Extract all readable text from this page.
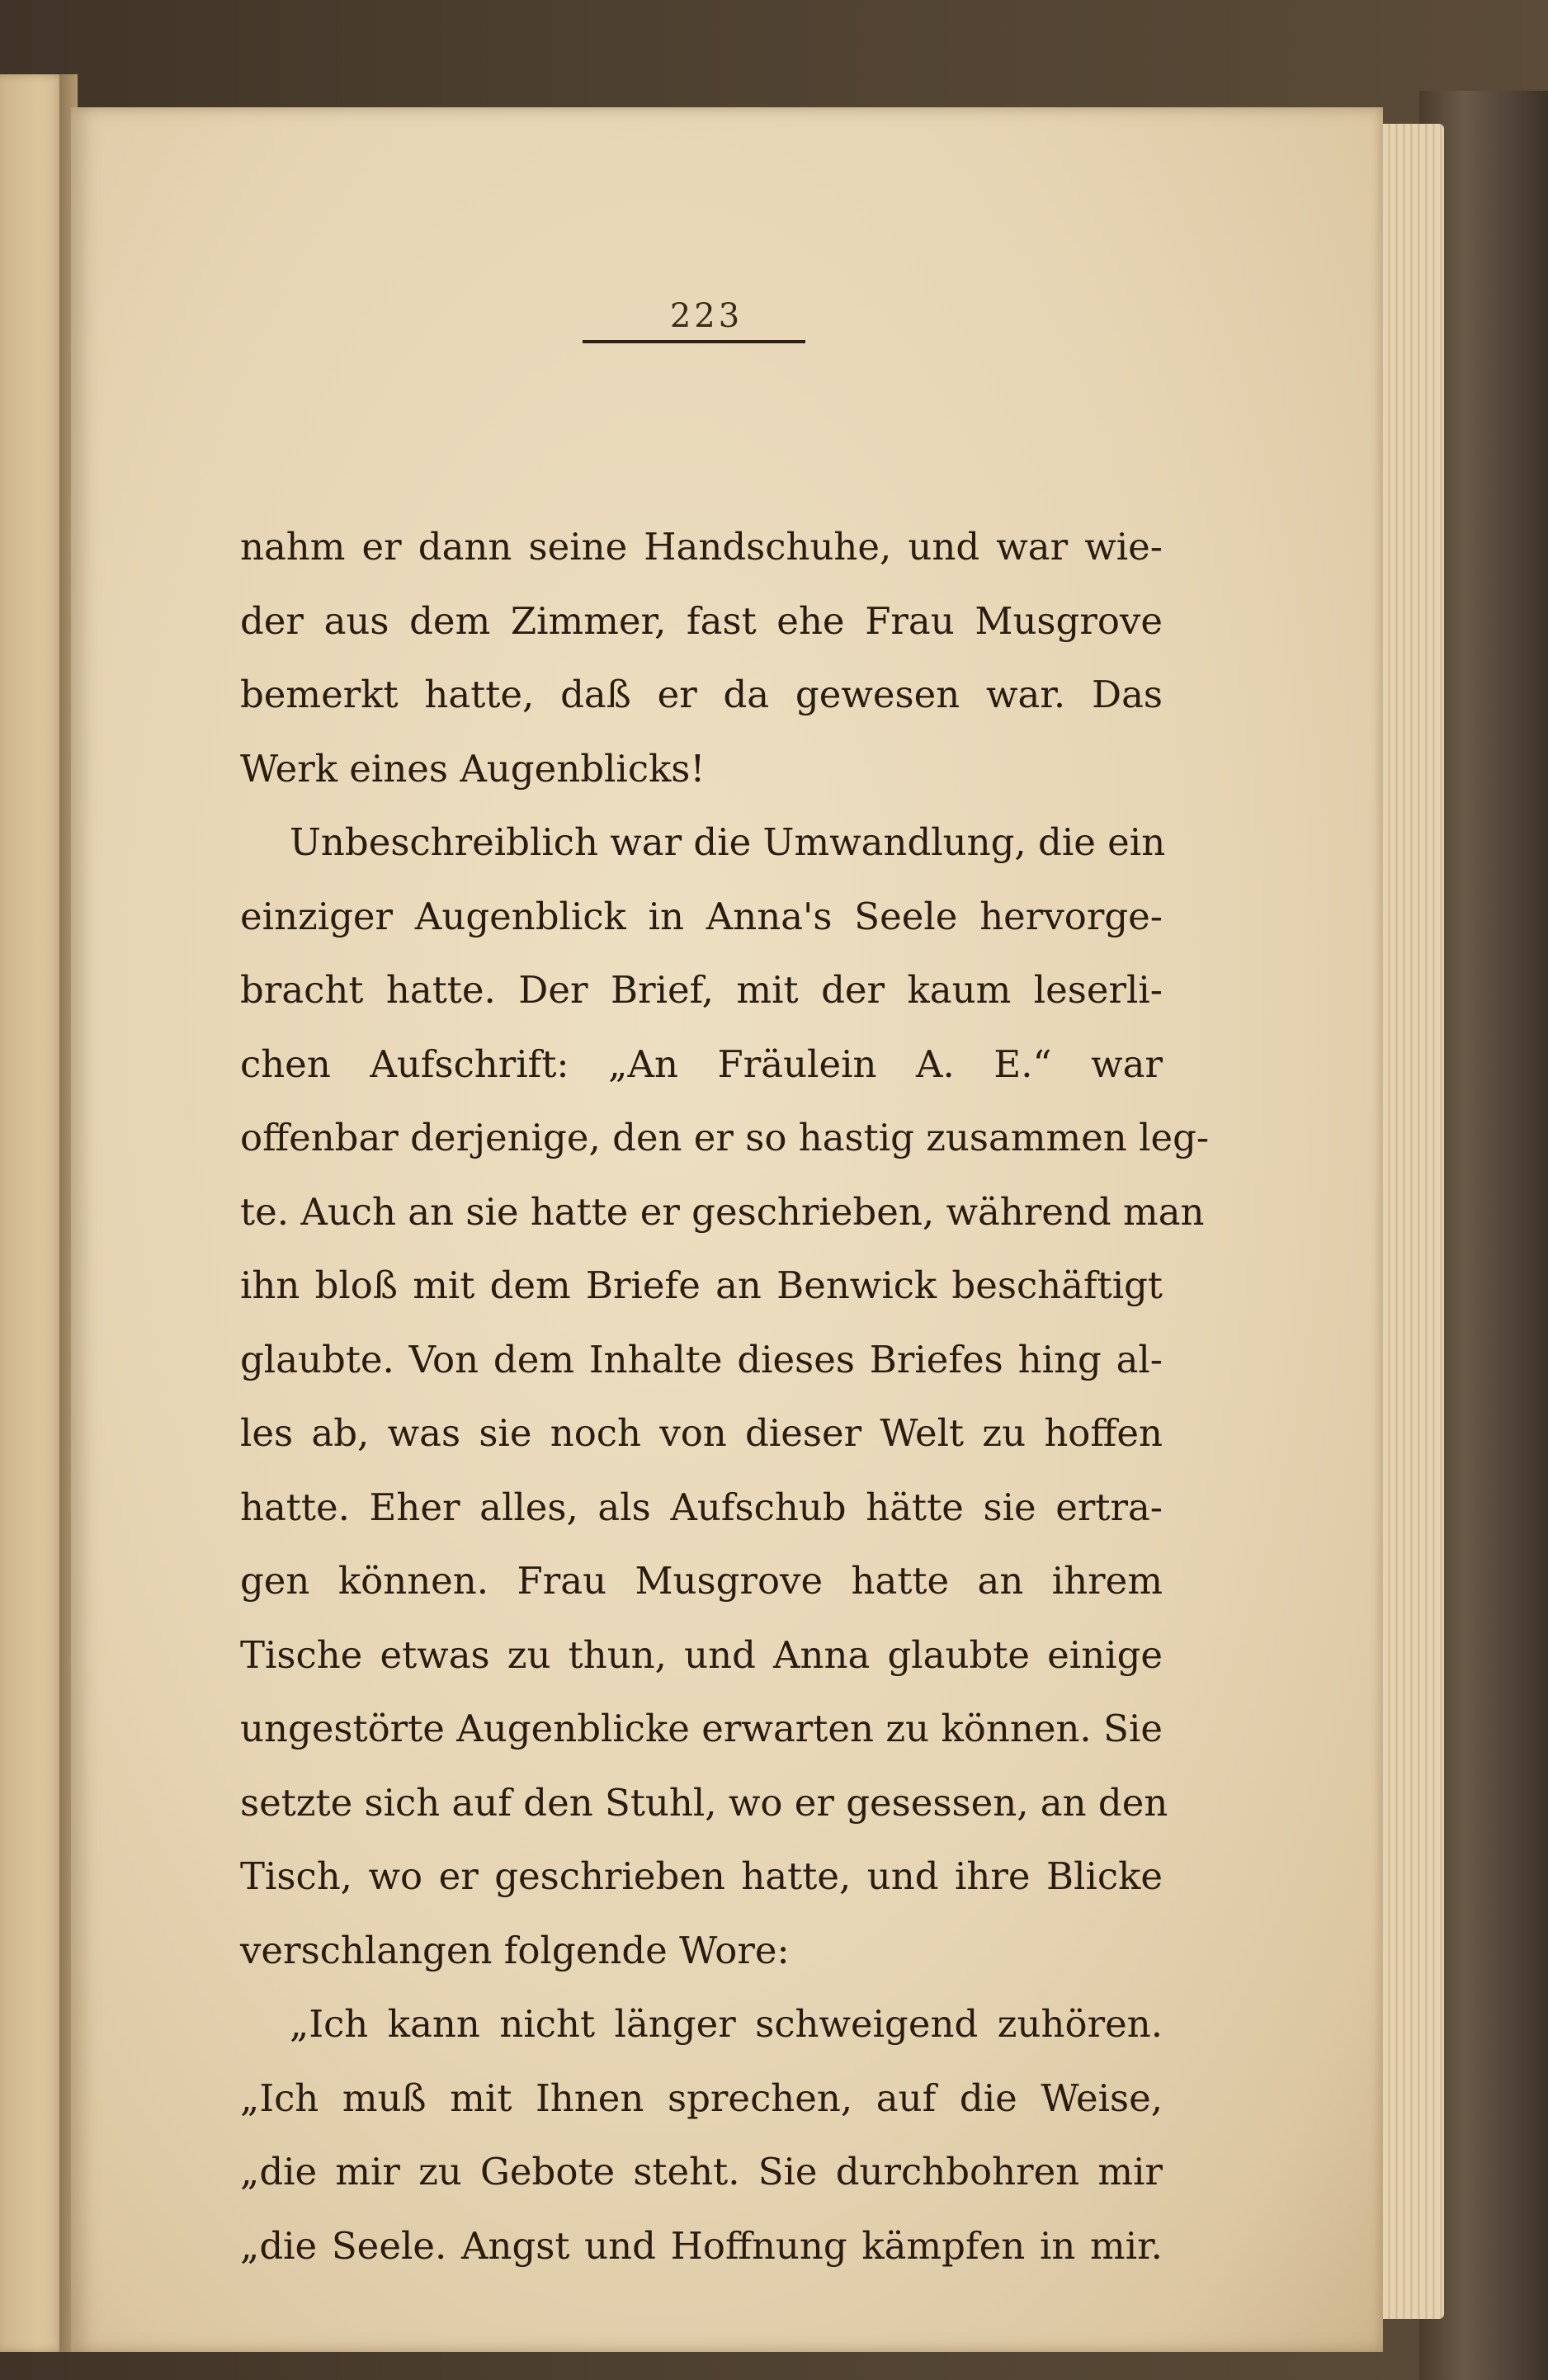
223
nahm er dann seine Handschuhe, und war wie-
der aus dem Zimmer, fast ehe Frau Musgrove
bemerkt hatte, daß er da gewesen war. Das
Werk eines Augenblicks!
Unbeschreiblich war die Umwandlung, die ein
einziger Augenblick in Anna's Seele hervorge-
bracht hatte. Der Brief, mit der kaum leserli-
chen Aufschrift: „An Fräulein A. E.“ war
offenbar derjenige, den er so hastig zusammen leg-
te. Auch an sie hatte er geschrieben, während man
ihn bloß mit dem Briefe an Benwick beschäftigt
glaubte. Von dem Inhalte dieses Briefes hing al-
les ab, was sie noch von dieser Welt zu hoffen
hatte. Eher alles, als Aufschub hätte sie ertra-
gen können. Frau Musgrove hatte an ihrem
Tische etwas zu thun, und Anna glaubte einige
ungestörte Augenblicke erwarten zu können. Sie
setzte sich auf den Stuhl, wo er gesessen, an den
Tisch, wo er geschrieben hatte, und ihre Blicke
verschlangen folgende Wore:
„Ich kann nicht länger schweigend zuhören.
„Ich muß mit Ihnen sprechen, auf die Weise,
„die mir zu Gebote steht. Sie durchbohren mir
„die Seele. Angst und Hoffnung kämpfen in mir.
